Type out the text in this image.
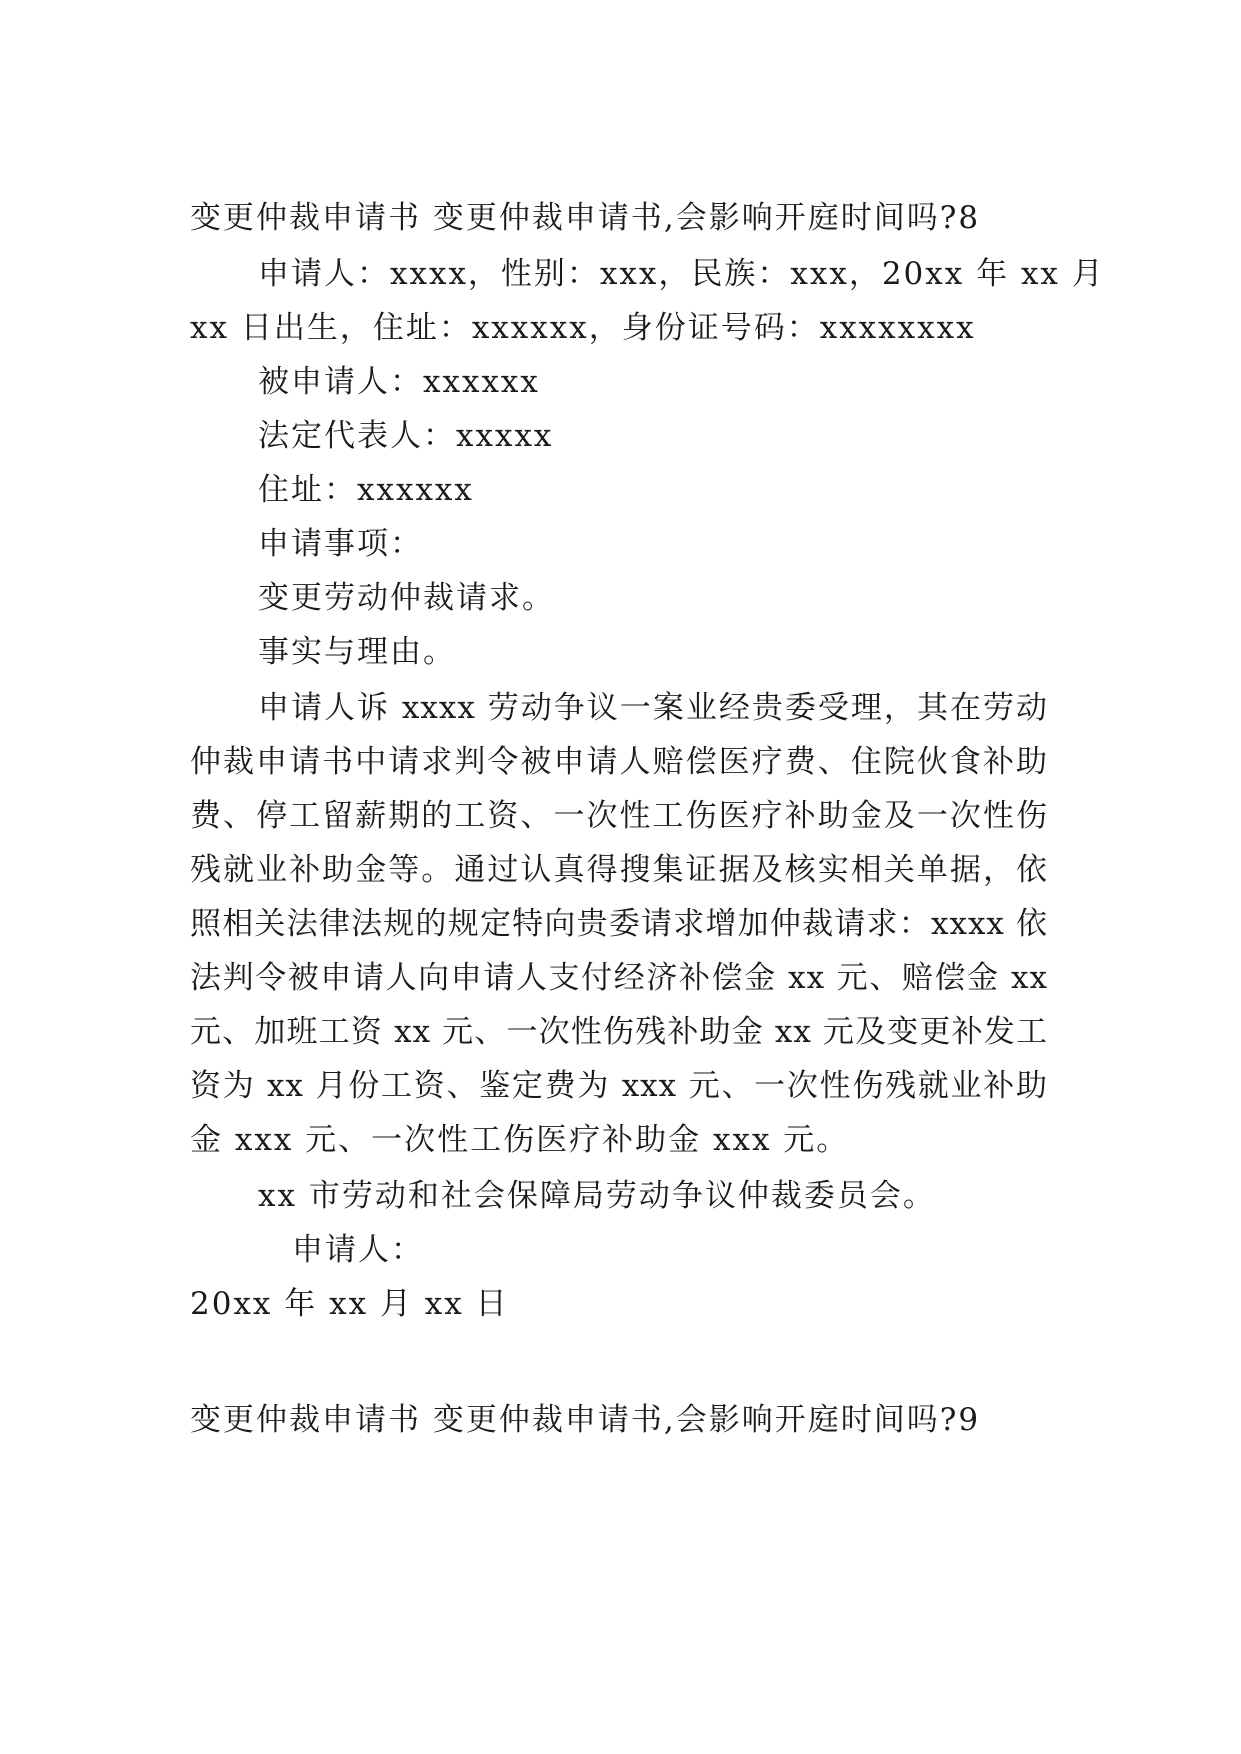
变更仲裁申请书 变更仲裁申请书,会影响开庭时间吗?8
申请人：xxxx，性别：xxx，民族：xxx，20xx 年 xx 月
xx 日出生，住址：xxxxxx，身份证号码：xxxxxxxx
被申请人：xxxxxx
法定代表人：xxxxx
住址：xxxxxx
申请事项：
变更劳动仲裁请求。
事实与理由。
申请人诉 xxxx 劳动争议一案业经贵委受理，其在劳动
仲裁申请书中请求判令被申请人赔偿医疗费、住院伙食补助
费、停工留薪期的工资、一次性工伤医疗补助金及一次性伤
残就业补助金等。通过认真得搜集证据及核实相关单据，依
照相关法律法规的规定特向贵委请求增加仲裁请求：xxxx 依
法判令被申请人向申请人支付经济补偿金 xx 元、赔偿金 xx
元、加班工资 xx 元、一次性伤残补助金 xx 元及变更补发工
资为 xx 月份工资、鉴定费为 xxx 元、一次性伤残就业补助
金 xxx 元、一次性工伤医疗补助金 xxx 元。
xx 市劳动和社会保障局劳动争议仲裁委员会。
申请人：
20xx 年 xx 月 xx 日
变更仲裁申请书 变更仲裁申请书,会影响开庭时间吗?9
